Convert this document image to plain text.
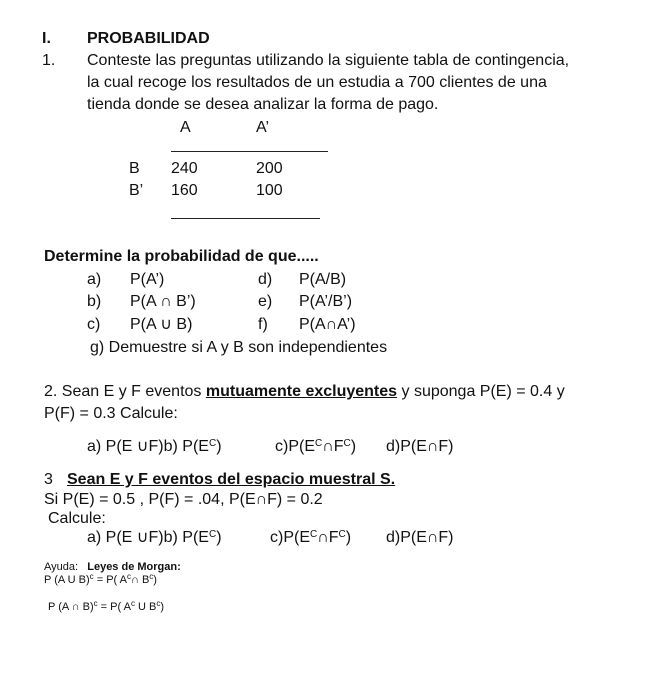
I. PROBABILIDAD
1. Conteste las preguntas utilizando la siguiente tabla de contingencia,
la cual recoge los resultados de un estudia a 700 clientes de una
tienda donde se desea analizar la forma de pago.
A	A’
B 240	200
B’ 160	100
Determine la probabilidad de que.....
a) P(A’)
b) P(A ∩ B’)
c) P(A ∪ B)
d) P(A/B)
e) P(A’/B’)
f) P(A∩A’)
g) Demuestre si A y B son independientes
2. Sean E y F eventos mutuamente excluyentes y suponga P(E) = 0.4 y
P(F) = 0.3 Calcule:
a) P(E ∪F)b) $P(E^C)$	$c)P(E^C\cap F^C)$ d)P(E∩F)
3 Sean E y F eventos del espacio muestral S.
Si P(E) = 0.5 , P(F) = .04, P(E∩F) = 0.2
Calcule:
a) P(E ∪F)b) $P(E^C)$	$c)P(E^C\cap F^C)$ d)P(E∩F)
Ayuda: Leyes de Morgan:
P (A U B)$^c$ = P( $A^c\cap$ $B^c$)
P (A ∩ B)$^c$ = P( $A^c$ U $B^c$)
